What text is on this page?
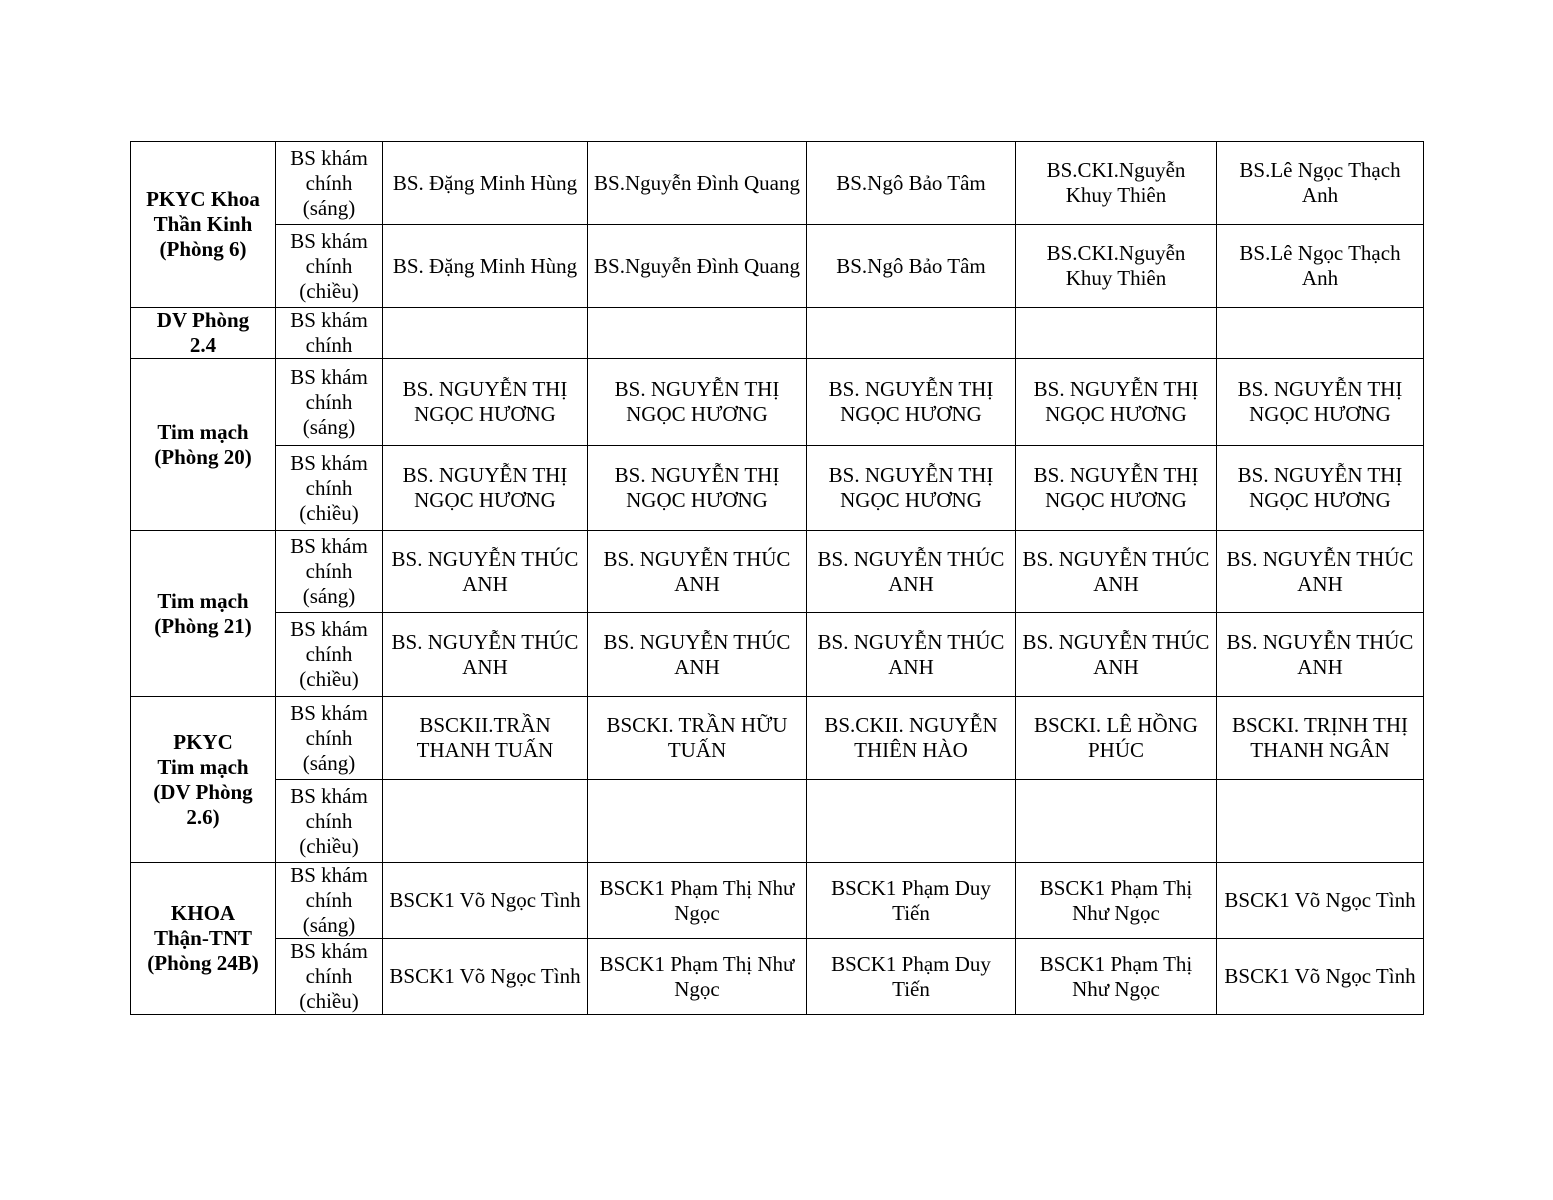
PKYC Khoa
Thần Kinh
(Phòng 6)	BS khám
chính
(sáng)	BS. Đặng Minh Hùng	BS.Nguyễn Đình Quang	BS.Ngô Bảo Tâm	BS.CKI.Nguyễn Khuy Thiên	BS.Lê Ngọc Thạch Anh
	BS khám
chính
(chiều)	BS. Đặng Minh Hùng	BS.Nguyễn Đình Quang	BS.Ngô Bảo Tâm	BS.CKI.Nguyễn Khuy Thiên	BS.Lê Ngọc Thạch Anh

DV Phòng
2.4	BS khám
chính					

Tim mạch
(Phòng 20)	BS khám
chính
(sáng)	BS. NGUYỄN THỊ NGỌC HƯƠNG	BS. NGUYỄN THỊ NGỌC HƯƠNG	BS. NGUYỄN THỊ NGỌC HƯƠNG	BS. NGUYỄN THỊ NGỌC HƯƠNG	BS. NGUYỄN THỊ NGỌC HƯƠNG
	BS khám
chính
(chiều)	BS. NGUYỄN THỊ NGỌC HƯƠNG	BS. NGUYỄN THỊ NGỌC HƯƠNG	BS. NGUYỄN THỊ NGỌC HƯƠNG	BS. NGUYỄN THỊ NGỌC HƯƠNG	BS. NGUYỄN THỊ NGỌC HƯƠNG

Tim mạch
(Phòng 21)	BS khám
chính
(sáng)	BS. NGUYỄN THÚC ANH	BS. NGUYỄN THÚC ANH	BS. NGUYỄN THÚC ANH	BS. NGUYỄN THÚC ANH	BS. NGUYỄN THÚC ANH
	BS khám
chính
(chiều)	BS. NGUYỄN THÚC ANH	BS. NGUYỄN THÚC ANH	BS. NGUYỄN THÚC ANH	BS. NGUYỄN THÚC ANH	BS. NGUYỄN THÚC ANH

PKYC
Tim mạch
(DV Phòng
2.6)	BS khám
chính
(sáng)	BSCKII.TRẦN THANH TUẤN	BSCKI. TRẦN HỮU TUẤN	BS.CKII. NGUYỄN THIÊN HÀO	BSCKI. LÊ HỒNG PHÚC	BSCKI. TRỊNH THỊ THANH NGÂN
	BS khám
chính
(chiều)					

KHOA
Thận-TNT
(Phòng 24B)	BS khám
chính
(sáng)	BSCK1 Võ Ngọc Tình	BSCK1 Phạm Thị Như Ngọc	BSCK1 Phạm Duy Tiến	BSCK1 Phạm Thị Như Ngọc	BSCK1 Võ Ngọc Tình
	BS khám
chính
(chiều)	BSCK1 Võ Ngọc Tình	BSCK1 Phạm Thị Như Ngọc	BSCK1 Phạm Duy Tiến	BSCK1 Phạm Thị Như Ngọc	BSCK1 Võ Ngọc Tình
